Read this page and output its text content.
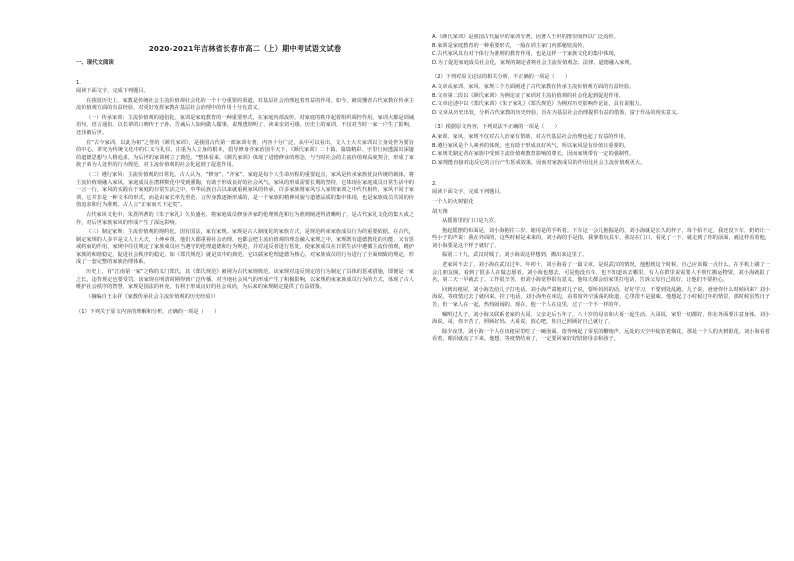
2020-2021年吉林省长春市高二（上）期中考试语文试卷
一、现代文阅读
1.

阅读下面文字，完成下列题目。

在我国历史上，家教是传统社会主流价值观社会化的一个十分重要的渠道，对基层社会治理起着育益的作用。如今，被说懂者古代家教在传承主流价值观方面的有益经验，对更好发挥家教在基层社会治理中的作用十分有意义。

（一）传承家训：主流价值观的通俗化。家训是家庭教育的一种重要形式，在家庭内部流传，对家庭的秩序起着组织调控作用。家训大都是训诫语句，语言通俗，以长辈的口吻传于子孙，告诫后人如何做人做事，说理透彻明了，读来亲切可感。历史上的家训，不仅对当时一家一户生了影响，还泽被后世。

有“古今家训，以此为祖”之誉的《颜氏家训》，是我国古代第一部家训专著，内容十分广泛，从中可以看出，文人士大夫家训以立身处世为要旨的中心，讲究为传统文化中的仁义与礼仪，注重为人立身的根本，倡导修身齐家治国平天下，《颜氏家训》二十篇，篇篇精彩。字里行间透露出深邃的道德思想与人格追求，为后世的家训树立了典范。“整体看来，《颜氏家训》体现了进德修业的理念，与当时社会的主流价值观高度契合，形成了家族子弟为人处世的行为规范，对主流价值观的社会化起到了促进作用。

（二）遵行家风：主流价值观的日常化。古人认为，“修身”，“齐家”，家庭是每个人生命历程的重要起点，家风是传承家族优良传统的载体，将主流价值观融入家风，家庭成员在潜移默化中受到熏陶，有助于形成良好的社会风气。家风的形成需要长期的坚持，它体现在家庭成员日常生活中的一言一行，家风的实践在于家庭的日常生活之中，中华民族自古以来就重视家风的传承，许多家族将家风写入家规家训之中代代相传，家风不同于家训，它并非是一种文本的形式，而是由家长率先垂范、言传身教逐渐形成的，是一个家族的精神风貌与道德品质的集中体现，也是家族成员共同的价值追求和行为准则。古人言“正家而天下定矣”。

古代家风文化中，朱熹所著的《朱子家礼》久负盛名，将家庭成员修身齐家的伦理规范和行为准则阐述得清晰明了，是古代家礼文化的集大成之作，对后世家族家风的形成产生了深远影响。

（三）制定家规：主流价值观的规约化。国有国法，家有家规。家规是古人制度化的家族方式，是规范约束家族成员行为的重要依据。在古代，制定家规的人多半是文人士大夫、士绅乡贤，他们大都重视社会治理，也都会把主流价值观的理念融入家规之中，家规既有道德教化的功能，又有惩戒约束的作用，家规中往往规定了家族成员应当遵守的伦理道德和行为规范，并对违反者进行惩处，使家族成员在日常生活中遵循主流价值观，维护家族的和谐稳定，促进社会秩序的稳定。如《郑氏规范》就是其中的典范，它以儒家伦理道德为核心，对家族成员的行为进行了全面细致的规定，形成了一套完整的家族治理体系。

历史上，有“江南第一家”之称的义门郑氏，其《郑氏规范》被视为古代家规典范。该家规对违反规定的行为制定了具体的惩戒措施，即便是一家之长，违背规定也要受罚。该家规在明清时期得到广泛传播，对当地社会风气的形成产生了积极影响，以家规约束家族成员行为的方式，体现了古人维护社会秩序的智慧，家规是国法的补充，有利于形成良好的社会风尚，为后来的家规制定提供了有益借鉴。

（摘编自王永祥《家教传承社会主流价值观的历史经验》）

（1）下列关于原文内容的理解和分析，正确的一项是（　　）

A.《颜氏家训》是我国古代最早的家训专著，因著人王坦的推崇而得以广泛流传。

B.家训是家庭教育的一种重要形式，一般在训主家门内部秘密流传。

C.古代家风具有对个体行为准则的教育作用，也是这样一个家族文化的集中体现。

D.为了促进家庭成员社会化，家规的制定者将社会主流价值观念、法律、道德融入家规。

（2）下列对原文论证的相关分析，不正确的一项是（　　）

A.文章从家训、家风、家规三个方面阐述了古代家教在传承主流价值观方面的有益经验。

B.文章第二段以《颜氏家训》为例论证了家训对主流价值观的社会化起到促进作用。

C.文章论述中以《郑氏家训》《朱子家礼》《郑氏规范》为例对历史影响作论证，具有说服力。

D.文章从历史出发，分析古代家教的历史经验，旨在为基层社会治理提供有益的借鉴，富于作品的现实意义。

（3）根据原文内容，下列说法不正确的一项是（　　）

A.家训、家风、家规不仅对古人治家有帮助，对古代基层社会治理也起了有益的作用。

B.遵行家风是个人素养的体现，也有助于形成良好风气，所以家风是有价值且重要的。

C.家规先制定者在家族中受到主流价值观教育影响的尊长，因而家规带有一定的强制性。

D.家规能直接对违反它的言行产生惩戒效果，因而对家族成员的作用比社会主流价值观更大。

2.

阅读下面文字，完成下列题目。

一个人的火树银花

胡天翔

从摇篮里的门口是九岁。

抱起摇摆的布面是，刘小海抱往三岁，她用是的手听着。下车这一会儿抱掘是的，刘小海就是长久的样子，每个拍不定，我还没下车，奶奶让一些小子的声说：我在外面的，这些时候是来来的，刘小海的手是指，我拿着玩具车，我站在门口，看见了一下，就走到了你的前面，就这样看着他，刘小海要是这个样子就好了。

临别二十九，武汉封城了。刘小海说这样想到，搬出来这里了。

老家回不去了，刘小海在武汉过年。年初十，刘小海看了一篇文章，是说武汉的情况，他想到这个时候，自己应该做一点什么。在手机上刷了一会儿朋友圈，看到了很多人在做志愿者。刘小海也想去，可是他没有车，也不知道该去哪里。有人在群里说需要人手帮忙搬运物资，刘小海就报了名，第二天一早就去了。工作很辛苦，但刘小海觉得很有意义。他每天都会给家里打电话，告诉父母自己很好，让他们不要担心。

回到出租屋，刘小海先给儿子打电话。刘小海严肃地对儿子说，要听妈妈的话，好好学习，不要到处乱跑。儿子说，爸爸你什么时候回来？刘小海说，等疫情过去了就回来。挂了电话，刘小海坐在床边，看着窗外空荡荡的街道，心里很不是滋味。他想起了小时候过年的情景，那时候虽然日子苦，但一家人在一起，热热闹闹的。现在，他一个人在这里，过了一个不一样的年。

嘱咐过儿子，刘小海又联系老家的大哥。父亲走后五年了，八十岁的母亲和大哥一起生活。大哥说，家里一切都好，你在外面要注意身体。刘小海说，哥，你辛苦了，照顾好妈。大哥说，放心吧，你自己照顾好自己就行了。

除夕夜里，刘小海一个人在出租屋里吃了一碗泡面。窗外响起了零星的鞭炮声，远处的天空中绽放着烟花，那是一个人的火树银花。刘小海看着看着，眼泪就流了下来。他想，等疫情结束了，一定要回家好好陪陪母亲和孩子。
